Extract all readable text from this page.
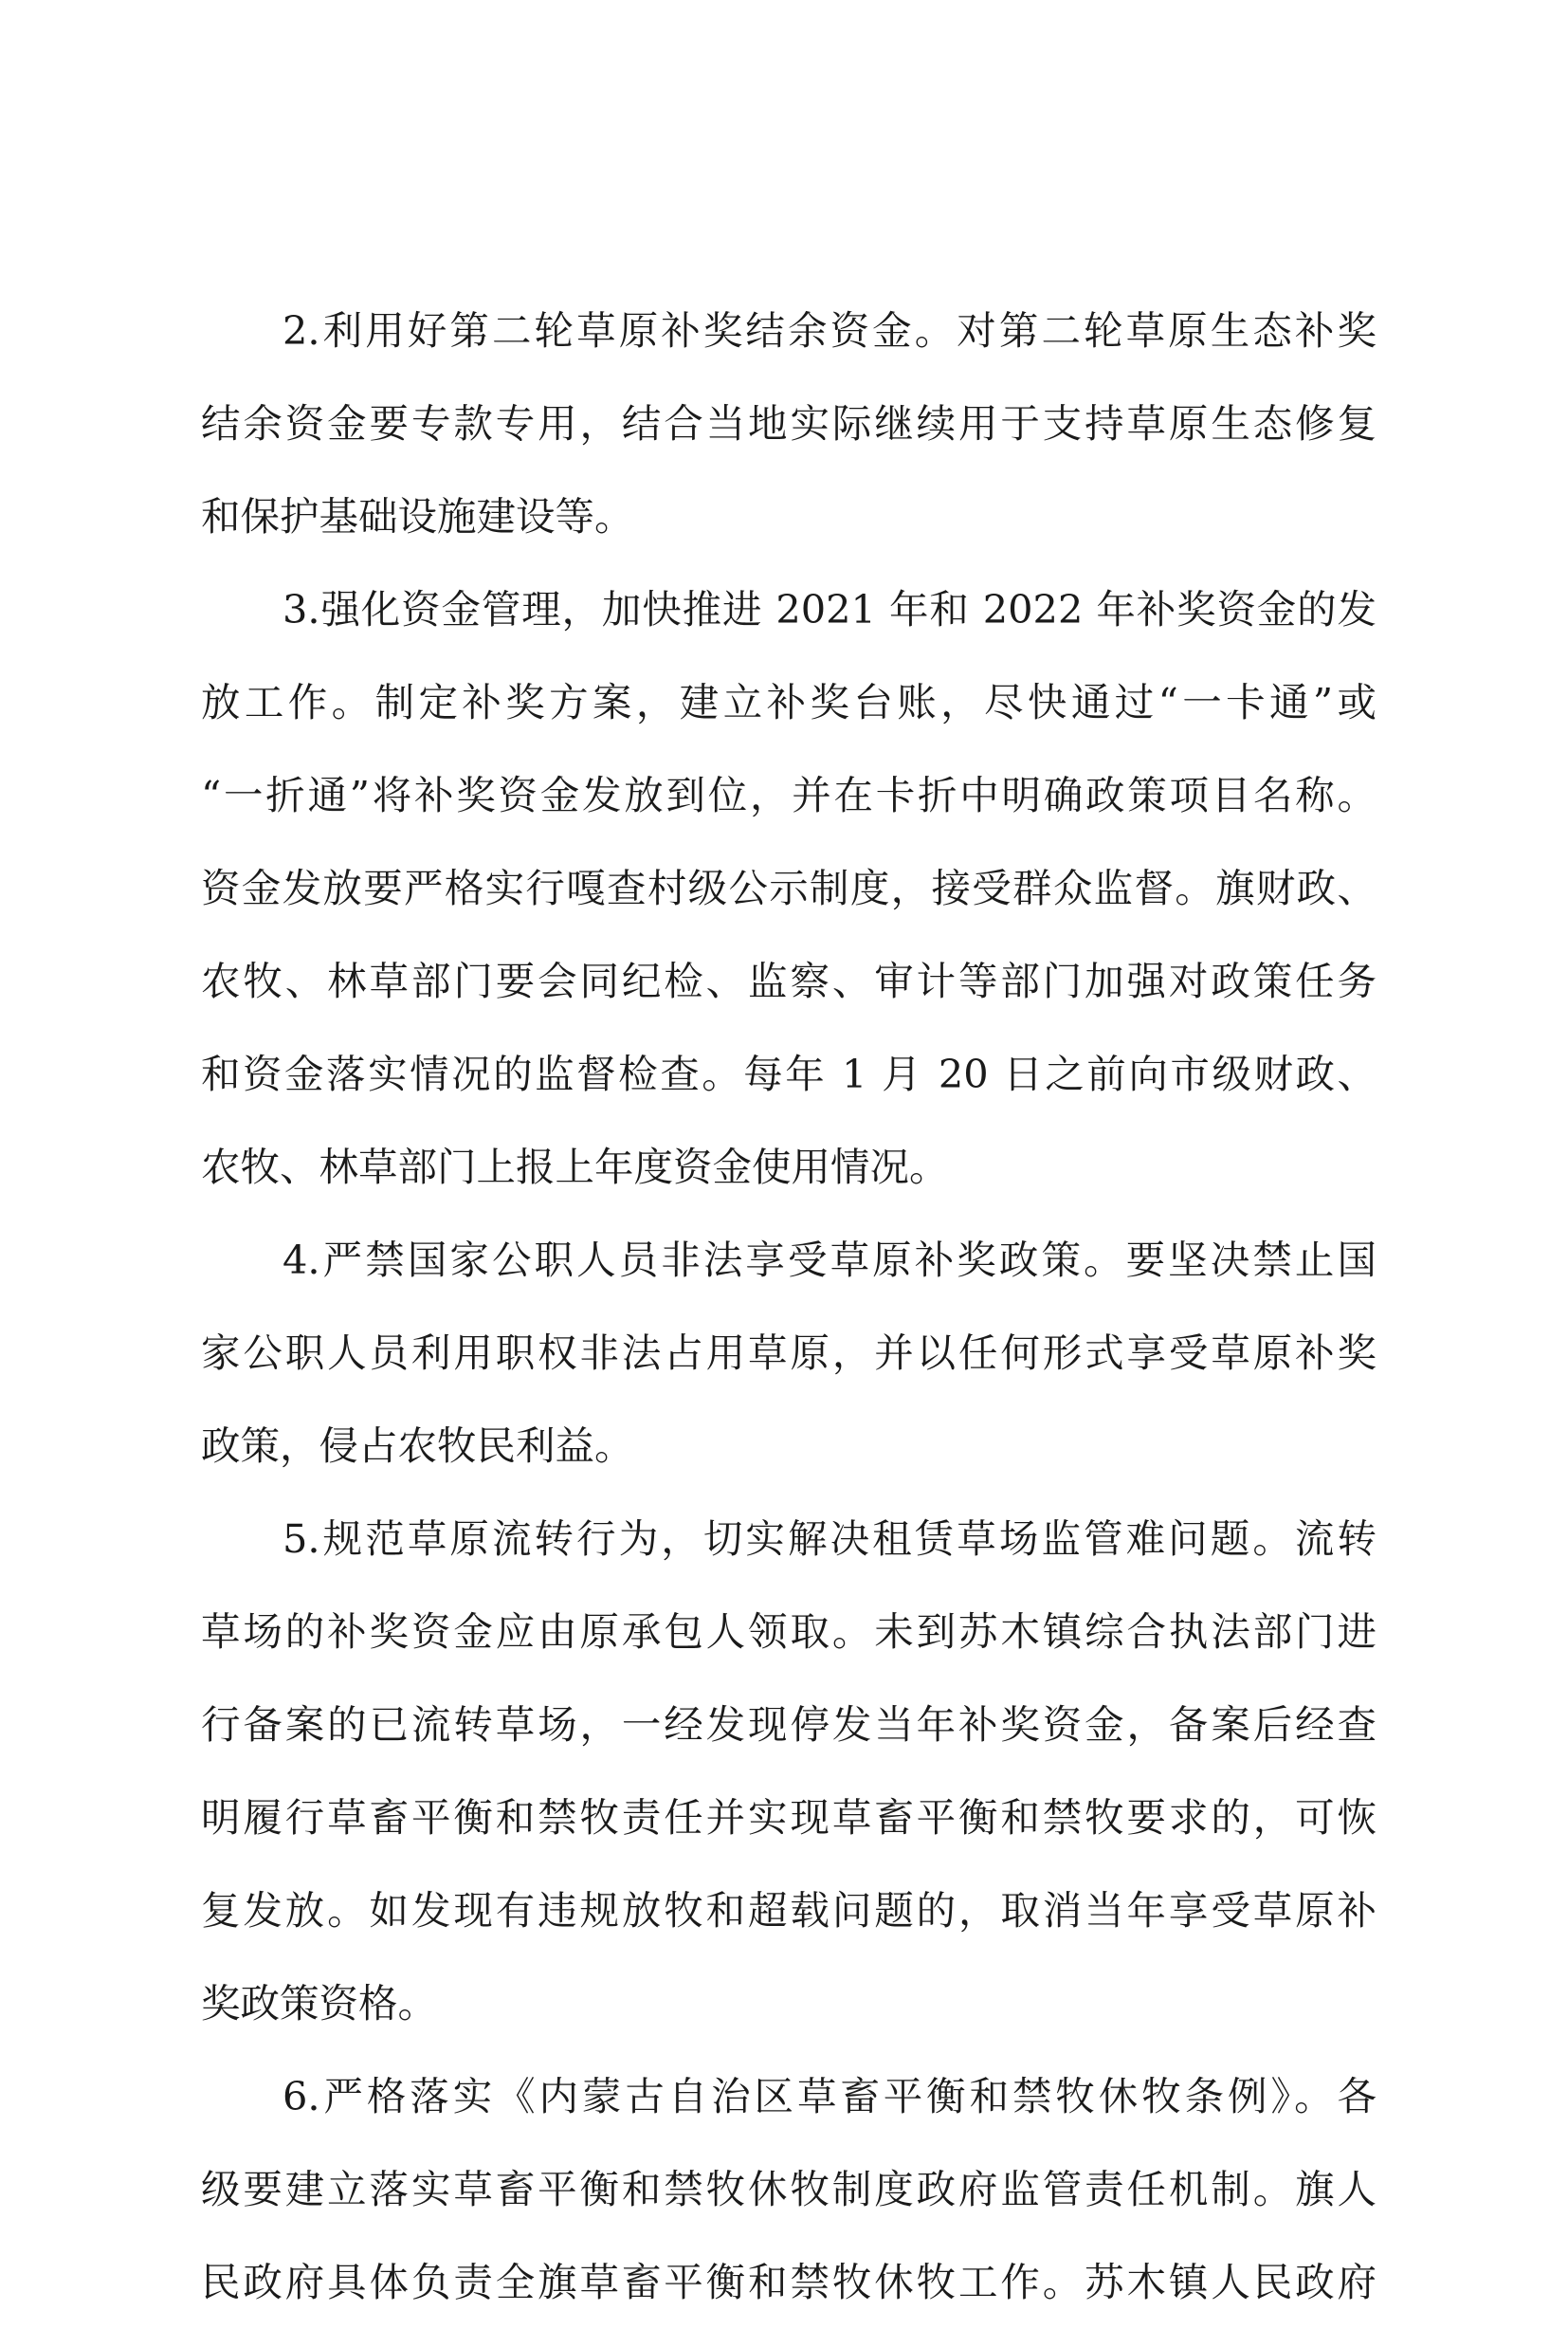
2.利用好第二轮草原补奖结余资金。对第二轮草原生态补奖
结余资金要专款专用，结合当地实际继续用于支持草原生态修复
和保护基础设施建设等。

3.强化资金管理，加快推进 2021 年和 2022 年补奖资金的发
放工作。制定补奖方案，建立补奖台账，尽快通过“一卡通”或
“一折通”将补奖资金发放到位，并在卡折中明确政策项目名称。
资金发放要严格实行嘎查村级公示制度，接受群众监督。旗财政、
农牧、林草部门要会同纪检、监察、审计等部门加强对政策任务
和资金落实情况的监督检查。每年 1 月 20 日之前向市级财政、
农牧、林草部门上报上年度资金使用情况。

4.严禁国家公职人员非法享受草原补奖政策。要坚决禁止国
家公职人员利用职权非法占用草原，并以任何形式享受草原补奖
政策，侵占农牧民利益。

5.规范草原流转行为，切实解决租赁草场监管难问题。流转
草场的补奖资金应由原承包人领取。未到苏木镇综合执法部门进
行备案的已流转草场，一经发现停发当年补奖资金，备案后经查
明履行草畜平衡和禁牧责任并实现草畜平衡和禁牧要求的，可恢
复发放。如发现有违规放牧和超载问题的，取消当年享受草原补
奖政策资格。

6.严格落实《内蒙古自治区草畜平衡和禁牧休牧条例》。各
级要建立落实草畜平衡和禁牧休牧制度政府监管责任机制。旗人
民政府具体负责全旗草畜平衡和禁牧休牧工作。苏木镇人民政府
